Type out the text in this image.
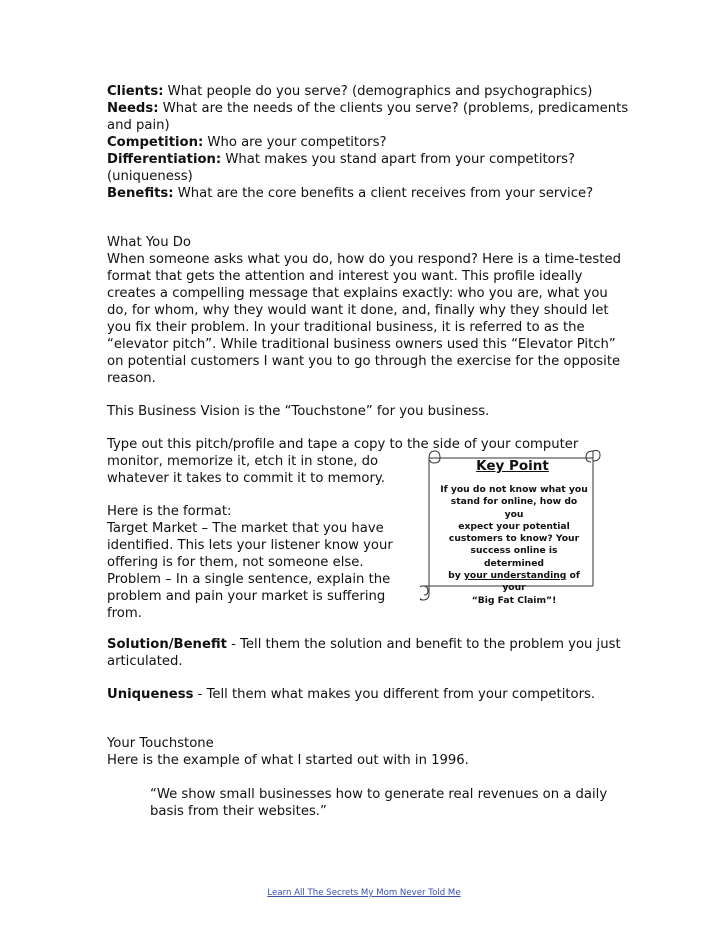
Clients: What people do you serve? (demographics and psychographics)
Needs: What are the needs of the clients you serve? (problems, predicaments
and pain)
Competition: Who are your competitors?
Differentiation: What makes you stand apart from your competitors?
(uniqueness)
Benefits: What are the core benefits a client receives from your service?
What You Do
When someone asks what you do, how do you respond? Here is a time-tested
format that gets the attention and interest you want. This profile ideally
creates a compelling message that explains exactly: who you are, what you
do, for whom, why they would want it done, and, finally why they should let
you fix their problem. In your traditional business, it is referred to as the
“elevator pitch”. While traditional business owners used this “Elevator Pitch”
on potential customers I want you to go through the exercise for the opposite
reason.
This Business Vision is the “Touchstone” for you business.
Type out this pitch/profile and tape a copy to the side of your computer
monitor, memorize it, etch it in stone, do
whatever it takes to commit it to memory.
Here is the format:
Target Market – The market that you have
identified. This lets your listener know your
offering is for them, not someone else.
Problem – In a single sentence, explain the
problem and pain your market is suffering
from.
Solution/Benefit - Tell them the solution and benefit to the problem you just
articulated.
Uniqueness - Tell them what makes you different from your competitors.
Your Touchstone
Here is the example of what I started out with in 1996.
“We show small businesses how to generate real revenues on a daily
basis from their websites.”
Key Point
If you do not know what you
stand for online, how do you
expect your potential
customers to know? Your
success online is determined
by your understanding of your
“Big Fat Claim”!
Learn All The Secrets My Mom Never Told Me
